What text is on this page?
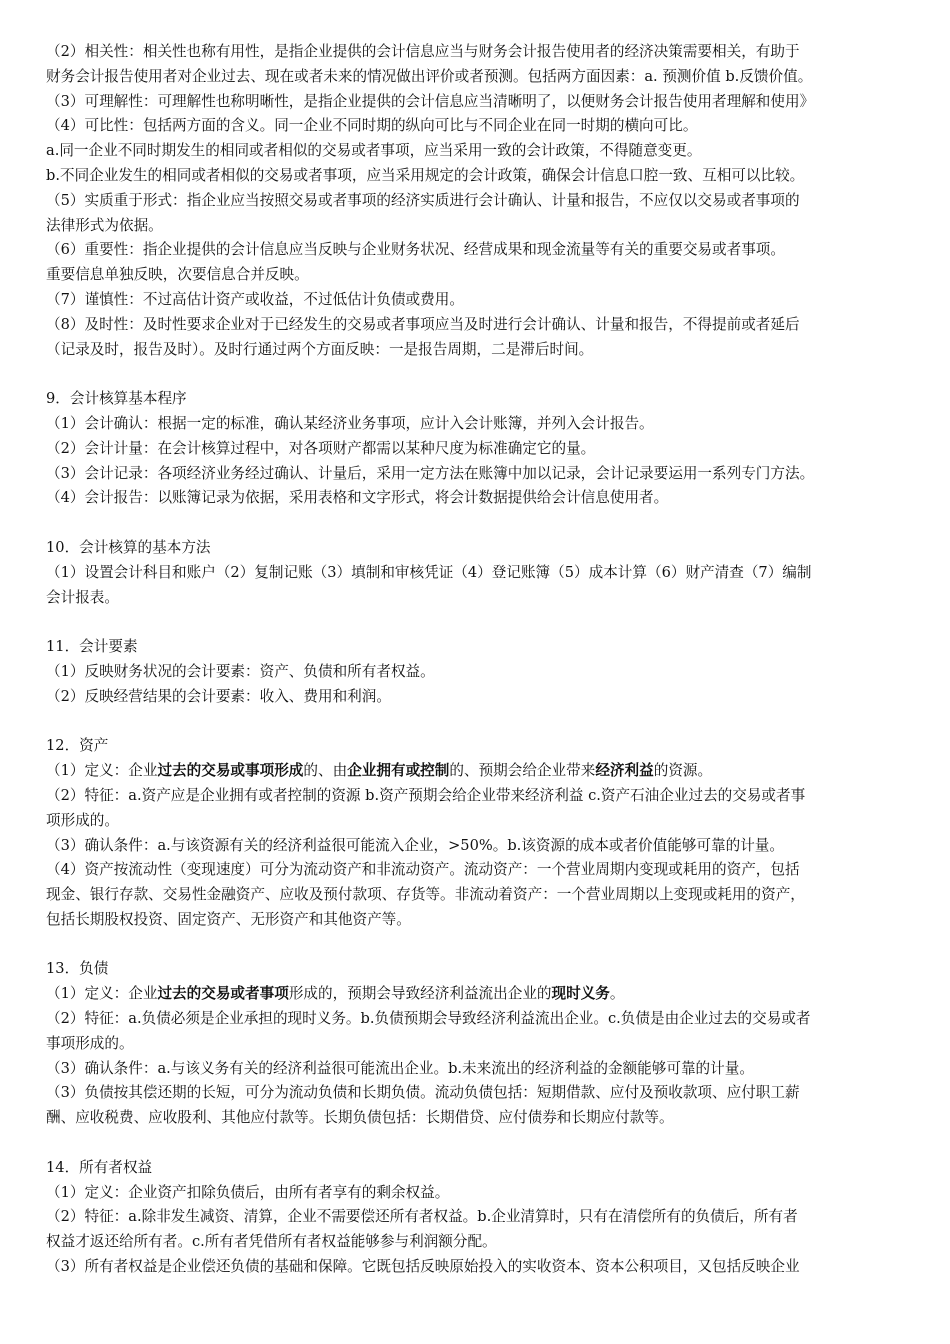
（2）相关性：相关性也称有用性，是指企业提供的会计信息应当与财务会计报告使用者的经济决策需要相关，有助于
财务会计报告使用者对企业过去、现在或者未来的情况做出评价或者预测。包括两方面因素：a. 预测价值 b.反馈价值。
（3）可理解性：可理解性也称明晰性，是指企业提供的会计信息应当清晰明了，以便财务会计报告使用者理解和使用》
（4）可比性：包括两方面的含义。同一企业不同时期的纵向可比与不同企业在同一时期的横向可比。
a.同一企业不同时期发生的相同或者相似的交易或者事项，应当采用一致的会计政策，不得随意变更。
b.不同企业发生的相同或者相似的交易或者事项，应当采用规定的会计政策，确保会计信息口腔一致、互相可以比较。
（5）实质重于形式：指企业应当按照交易或者事项的经济实质进行会计确认、计量和报告，不应仅以交易或者事项的
法律形式为依据。
（6）重要性：指企业提供的会计信息应当反映与企业财务状况、经营成果和现金流量等有关的重要交易或者事项。
重要信息单独反映，次要信息合并反映。
（7）谨慎性：不过高估计资产或收益，不过低估计负债或费用。
（8）及时性：及时性要求企业对于已经发生的交易或者事项应当及时进行会计确认、计量和报告，不得提前或者延后
（记录及时，报告及时）。及时行通过两个方面反映：一是报告周期，二是滞后时间。
9．会计核算基本程序
（1）会计确认：根据一定的标准，确认某经济业务事项，应计入会计账簿，并列入会计报告。
（2）会计计量：在会计核算过程中，对各项财产都需以某种尺度为标准确定它的量。
（3）会计记录：各项经济业务经过确认、计量后，采用一定方法在账簿中加以记录，会计记录要运用一系列专门方法。
（4）会计报告：以账簿记录为依据，采用表格和文字形式，将会计数据提供给会计信息使用者。
10．会计核算的基本方法
（1）设置会计科目和账户（2）复制记账（3）填制和审核凭证（4）登记账簿（5）成本计算（6）财产清查（7）编制
会计报表。
11．会计要素
（1）反映财务状况的会计要素：资产、负债和所有者权益。
（2）反映经营结果的会计要素：收入、费用和利润。
12．资产
（1）定义：企业过去的交易或事项形成的、由企业拥有或控制的、预期会给企业带来经济利益的资源。
（2）特征：a.资产应是企业拥有或者控制的资源 b.资产预期会给企业带来经济利益 c.资产石油企业过去的交易或者事
项形成的。
（3）确认条件：a.与该资源有关的经济利益很可能流入企业，>50%。b.该资源的成本或者价值能够可靠的计量。
（4）资产按流动性（变现速度）可分为流动资产和非流动资产。流动资产：一个营业周期内变现或耗用的资产，包括
现金、银行存款、交易性金融资产、应收及预付款项、存货等。非流动着资产：一个营业周期以上变现或耗用的资产，
包括长期股权投资、固定资产、无形资产和其他资产等。
13．负债
（1）定义：企业过去的交易或者事项形成的，预期会导致经济利益流出企业的现时义务。
（2）特征：a.负债必须是企业承担的现时义务。b.负债预期会导致经济利益流出企业。c.负债是由企业过去的交易或者
事项形成的。
（3）确认条件：a.与该义务有关的经济利益很可能流出企业。b.未来流出的经济利益的金额能够可靠的计量。
（3）负债按其偿还期的长短，可分为流动负债和长期负债。流动负债包括：短期借款、应付及预收款项、应付职工薪
酬、应收税费、应收股利、其他应付款等。长期负债包括：长期借贷、应付债券和长期应付款等。
14．所有者权益
（1）定义：企业资产扣除负债后，由所有者享有的剩余权益。
（2）特征：a.除非发生减资、清算，企业不需要偿还所有者权益。b.企业清算时，只有在清偿所有的负债后，所有者
权益才返还给所有者。c.所有者凭借所有者权益能够参与利润额分配。
（3）所有者权益是企业偿还负债的基础和保障。它既包括反映原始投入的实收资本、资本公积项目，又包括反映企业
